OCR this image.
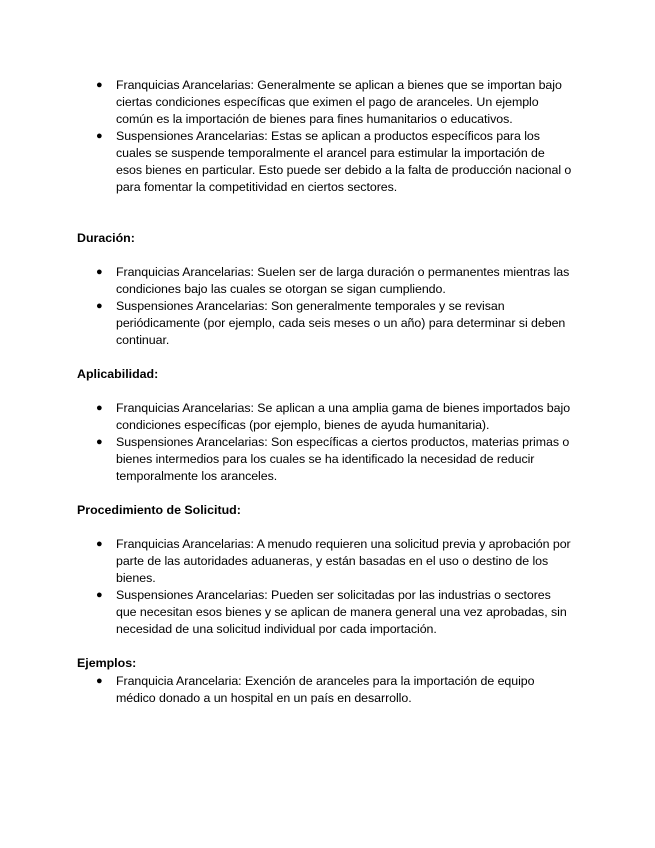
● Franquicias Arancelarias: Generalmente se aplican a bienes que se importan bajo ciertas condiciones específicas que eximen el pago de aranceles. Un ejemplo común es la importación de bienes para fines humanitarios o educativos.
● Suspensiones Arancelarias: Estas se aplican a productos específicos para los cuales se suspende temporalmente el arancel para estimular la importación de esos bienes en particular. Esto puede ser debido a la falta de producción nacional o para fomentar la competitividad en ciertos sectores.
Duración:
● Franquicias Arancelarias: Suelen ser de larga duración o permanentes mientras las condiciones bajo las cuales se otorgan se sigan cumpliendo.
● Suspensiones Arancelarias: Son generalmente temporales y se revisan periódicamente (por ejemplo, cada seis meses o un año) para determinar si deben continuar.
Aplicabilidad:
● Franquicias Arancelarias: Se aplican a una amplia gama de bienes importados bajo condiciones específicas (por ejemplo, bienes de ayuda humanitaria).
● Suspensiones Arancelarias: Son específicas a ciertos productos, materias primas o bienes intermedios para los cuales se ha identificado la necesidad de reducir temporalmente los aranceles.
Procedimiento de Solicitud:
● Franquicias Arancelarias: A menudo requieren una solicitud previa y aprobación por parte de las autoridades aduaneras, y están basadas en el uso o destino de los bienes.
● Suspensiones Arancelarias: Pueden ser solicitadas por las industrias o sectores que necesitan esos bienes y se aplican de manera general una vez aprobadas, sin necesidad de una solicitud individual por cada importación.
Ejemplos:
● Franquicia Arancelaria: Exención de aranceles para la importación de equipo médico donado a un hospital en un país en desarrollo.
